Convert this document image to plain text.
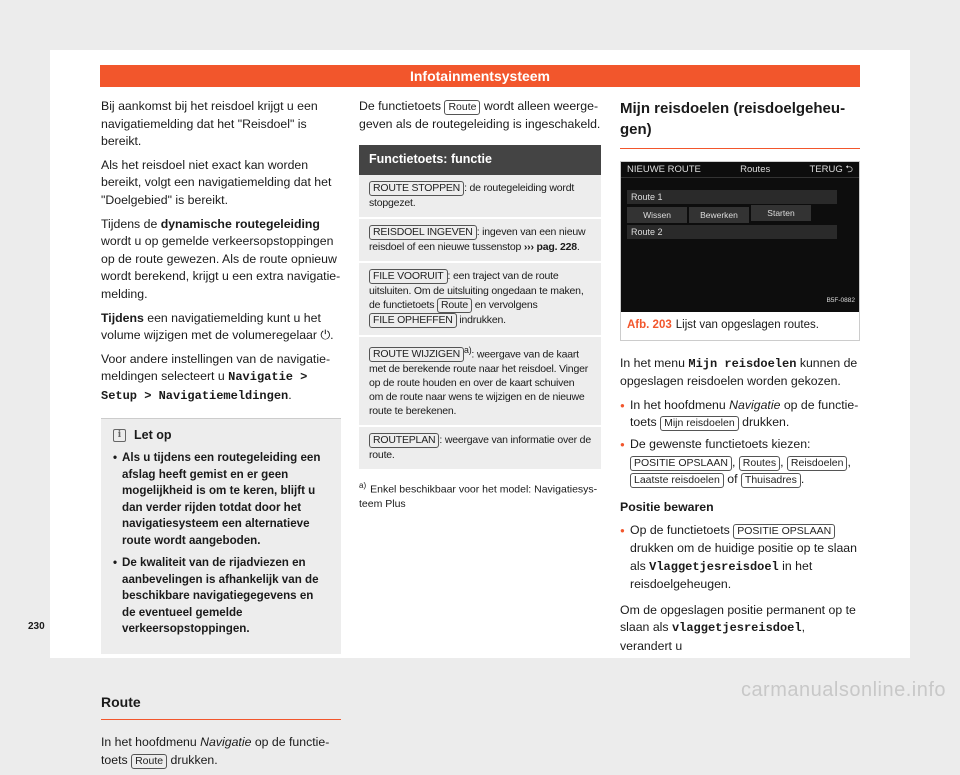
Infotainmentsysteem

Bij aankomst bij het reisdoel krijgt u een navigatiemelding dat het "Reisdoel" is bereikt.

Als het reisdoel niet exact kan worden bereikt, volgt een navigatiemelding dat het "Doelgebied" is bereikt.

Tijdens de dynamische routegeleiding wordt u op gemelde verkeersopstoppingen op de route gewezen. Als de route opnieuw wordt berekend, krijgt u een extra navigatiemelding.

Tijdens een navigatiemelding kunt u het volume wijzigen met de volumeregelaar ⏻.

Voor andere instellingen van de navigatiemeldingen selecteert u Navigatie > Setup > Navigatiemeldingen.

i	Let op
• Als u tijdens een routegeleiding een afslag heeft gemist en er geen mogelijkheid is om te keren, blijft u dan verder rijden totdat door het navigatiesysteem een alternatieve route wordt aangeboden.
• De kwaliteit van de rijadviezen en aanbevelingen is afhankelijk van de beschikbare navigatiegegevens en de eventueel gemelde verkeersopstoppingen.
Route

In het hoofdmenu Navigatie op de functietoets Route drukken.

De functietoets Route wordt alleen weergegeven als de routegeleiding is ingeschakeld.

Functietoets: functie
ROUTE STOPPEN : de routegeleiding wordt stopgezet.
REISDOEL INGEVEN : ingeven van een nieuw reisdoel of een nieuwe tussenstop ››› pag. 228.
FILE VOORUIT : een traject van de route uitsluiten. Om de uitsluiting ongedaan te maken, de functietoets Route en vervolgens FILE OPHEFFEN indrukken.
ROUTE WIJZIGEN $^{a)}$: weergave van de kaart met de berekende route naar het reisdoel. Vinger op de route houden en over de kaart schuiven om de route naar wens te wijzigen en de nieuwe route te berekenen.
ROUTEPLAN : weergave van informatie over de route.
$^{a)}$ Enkel beschikbaar voor het model: Navigatiesysteem Plus
Mijn reisdoelen (reisdoelgeheugen)
NIEUWE ROUTE	Routes	TERUG ⮌
Route 1
Wissen	Bewerken	Starten
Route 2
B5F-0882
Afb. 203 Lijst van opgeslagen routes.

In het menu Mijn reisdoelen kunnen de opgeslagen reisdoelen worden gekozen.

● In het hoofdmenu Navigatie op de functietoets Mijn reisdoelen drukken.
● De gewenste functietoets kiezen:
POSITIE OPSLAAN , Routes , Reisdoelen , Laatste reisdoelen of Thuisadres .

Positie bewaren

● Op de functietoets POSITIE OPSLAAN drukken om de huidige positie op te slaan als Vlaggetjesreisdoel in het reisdoelgeheugen.

Om de opgeslagen positie permanent op te slaan als vlaggetjesreisdoel, verandert u

230
carmanualsonline.info
